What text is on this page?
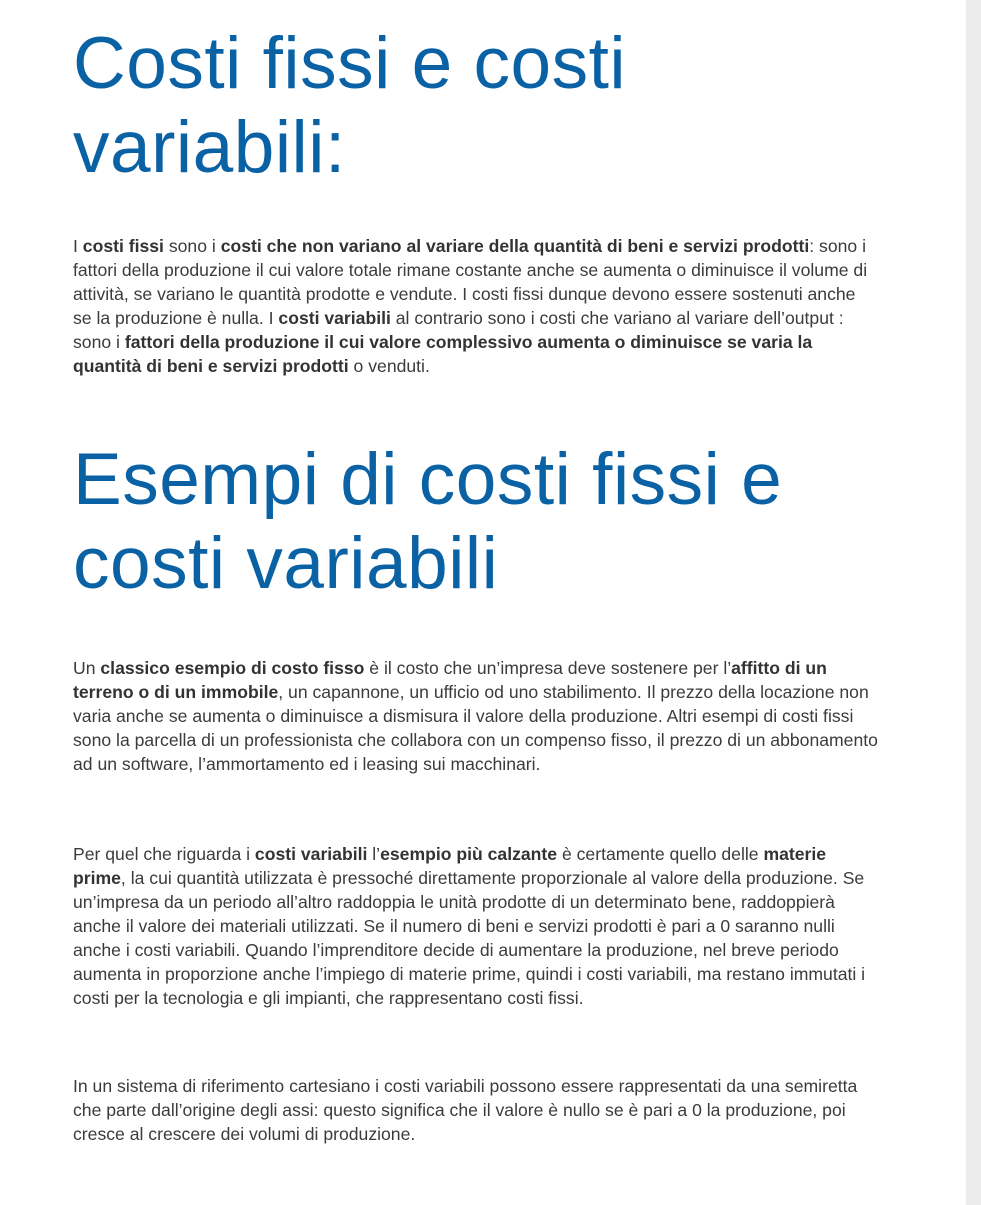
Costi fissi e costi
variabili:

I costi fissi sono i costi che non variano al variare della quantità di beni e servizi prodotti: sono i fattori della produzione il cui valore totale rimane costante anche se aumenta o diminuisce il volume di attività, se variano le quantità prodotte e vendute. I costi fissi dunque devono essere sostenuti anche se la produzione è nulla. I costi variabili al contrario sono i costi che variano al variare dell’output : sono i fattori della produzione il cui valore complessivo aumenta o diminuisce se varia la quantità di beni e servizi prodotti o venduti.

Esempi di costi fissi e
costi variabili

Un classico esempio di costo fisso è il costo che un’impresa deve sostenere per l’affitto di un terreno o di un immobile, un capannone, un ufficio od uno stabilimento. Il prezzo della locazione non varia anche se aumenta o diminuisce a dismisura il valore della produzione. Altri esempi di costi fissi sono la parcella di un professionista che collabora con un compenso fisso, il prezzo di un abbonamento ad un software, l’ammortamento ed i leasing sui macchinari.

Per quel che riguarda i costi variabili l’esempio più calzante è certamente quello delle materie prime, la cui quantità utilizzata è pressoché direttamente proporzionale al valore della produzione. Se un’impresa da un periodo all’altro raddoppia le unità prodotte di un determinato bene, raddoppierà anche il valore dei materiali utilizzati. Se il numero di beni e servizi prodotti è pari a 0 saranno nulli anche i costi variabili. Quando l’imprenditore decide di aumentare la produzione, nel breve periodo aumenta in proporzione anche l’impiego di materie prime, quindi i costi variabili, ma restano immutati i costi per la tecnologia e gli impianti, che rappresentano costi fissi.

In un sistema di riferimento cartesiano i costi variabili possono essere rappresentati da una semiretta che parte dall’origine degli assi: questo significa che il valore è nullo se è pari a 0 la produzione, poi cresce al crescere dei volumi di produzione.
